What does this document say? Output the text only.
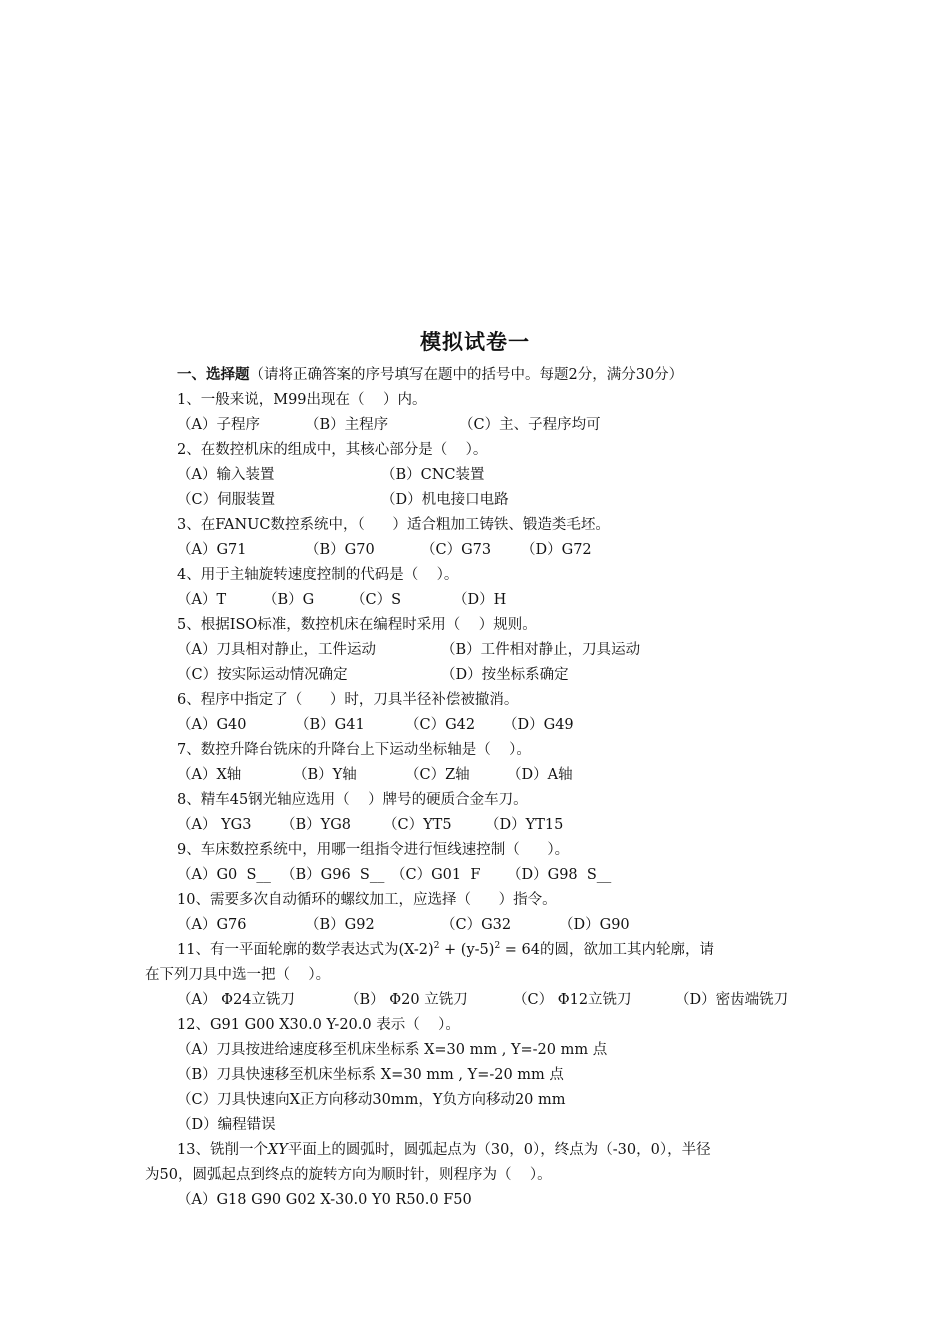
模拟试卷一
一、选择题（请将正确答案的序号填写在题中的括号中。每题2分，满分30分）
1、一般来说，M99出现在（    ）内。
（A）子程序	（B）主程序	（C）主、子程序均可
2、在数控机床的组成中，其核心部分是（    ）。
（A）输入装置	（B）CNC装置
（C）伺服装置	（D）机电接口电路
3、在FANUC数控系统中，（      ）适合粗加工铸铁、锻造类毛坯。
（A）G71	（B）G70	（C）G73 （D）G72
4、用于主轴旋转速度控制的代码是（    ）。
（A）T	（B）G	（C）S	（D）H
5、根据ISO标准，数控机床在编程时采用（    ）规则。
（A）刀具相对静止，工件运动	（B）工件相对静止，刀具运动
（C）按实际运动情况确定	（D）按坐标系确定
6、程序中指定了（      ）时，刀具半径补偿被撤消。
（A）G40	（B）G41	（C）G42 （D）G49
7、数控升降台铣床的升降台上下运动坐标轴是（    ）。
（A）X轴	（B）Y轴	（C）Z轴	（D）A轴
8、精车45钢光轴应选用（    ）牌号的硬质合金车刀。
（A） YG3 （B）YG8 （C）YT5 （D）YT15
9、车床数控系统中，用哪一组指令进行恒线速控制（      ）。
（A）G0  S__ （B）G96  S__ （C）G01  F （D）G98  S__
10、需要多次自动循环的螺纹加工，应选择（      ）指令。
（A）G76	（B）G92	（C）G32	（D）G90
11、有一平面轮廓的数学表达式为$(X-2)^2 + (y-5)^2 = 64$的圆，欲加工其内轮廓，请
在下列刀具中选一把（    ）。
（A） Φ24立铣刀	（B） Φ20 立铣刀	（C） Φ12立铣刀	（D）密齿端铣刀
12、G91 G00 X30.0 Y-20.0 表示（    ）。
（A）刀具按进给速度移至机床坐标系 X=30 mm , Y=-20 mm 点
（B）刀具快速移至机床坐标系 X=30 mm , Y=-20 mm 点
（C）刀具快速向X正方向移动30mm，Y负方向移动20 mm
（D）编程错误
13、铣削一个XY平面上的圆弧时，圆弧起点为（30，0），终点为（-30，0），半径
为50，圆弧起点到终点的旋转方向为顺时针，则程序为（    ）。
（A）G18 G90 G02 X-30.0 Y0 R50.0 F50
